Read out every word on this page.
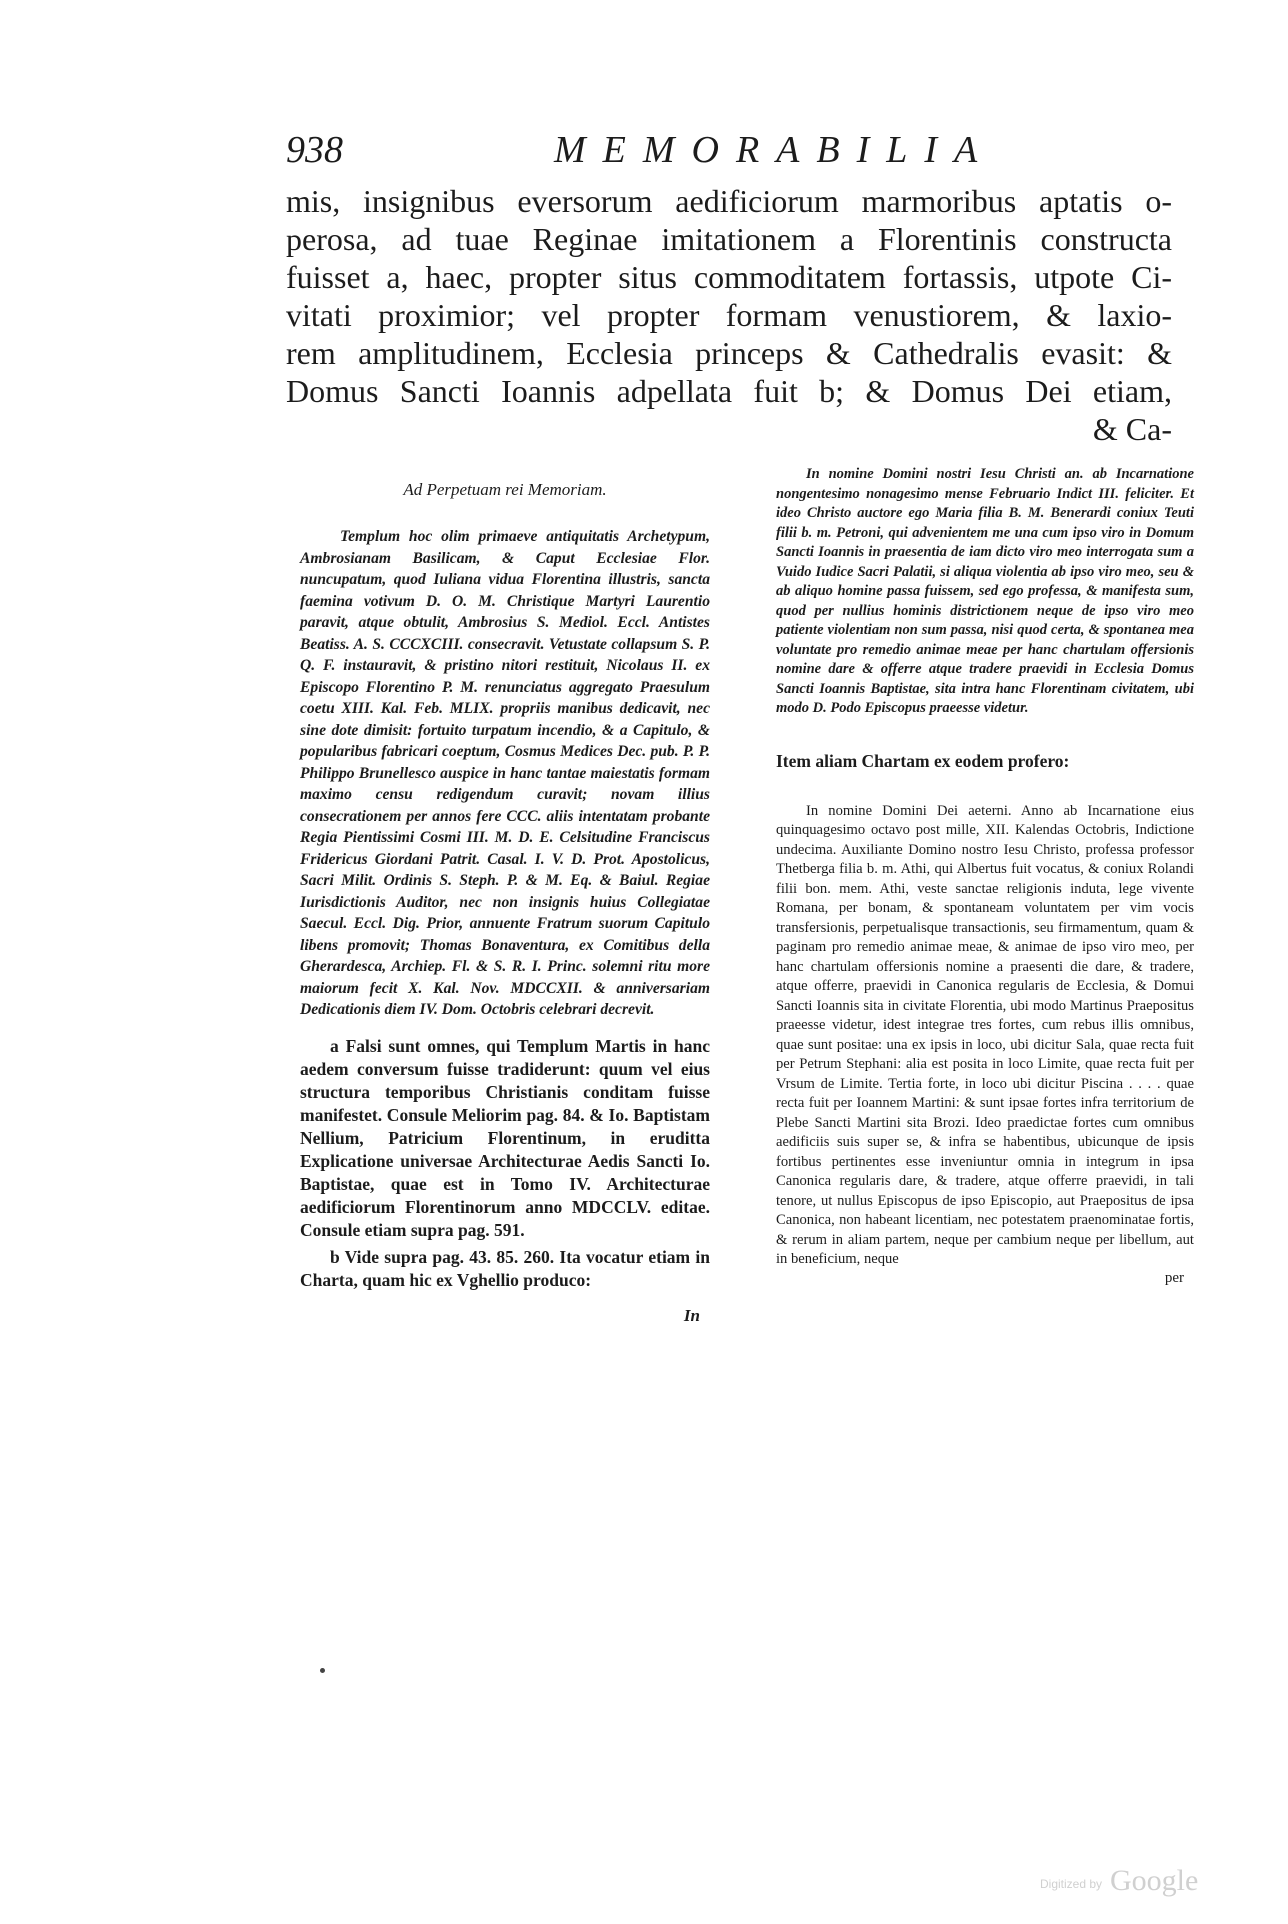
938	MEMORABILIA
mis, insignibus eversorum aedificiorum marmoribus aptatis o-
perosa, ad tuae Reginae imitationem a Florentinis constructa
fuisset a, haec, propter situs commoditatem fortassis, utpote Ci-
vitati proximior; vel propter formam venustiorem, & laxio-
rem amplitudinem, Ecclesia princeps & Cathedralis evasit: &
Domus Sancti Ioannis adpellata fuit b; & Domus Dei etiam,
& Ca-

Ad Perpetuam rei Memoriam.

Templum hoc olim primaeve antiquitatis Archetypum, Ambrosianam Basilicam, & Caput Ecclesiae Flor. nuncupatum, quod Iuliana vidua Florentina illustris, sancta faemina votivum D. O. M. Christique Martyri Laurentio paravit, atque obtulit, Ambrosius S. Mediol. Eccl. Antistes Beatiss. A. S. CCCXCIII. consecravit. Vetustate collapsum S. P. Q. F. instauravit, & pristino nitori restituit, Nicolaus II. ex Episcopo Florentino P. M. renunciatus aggregato Praesulum coetu XIII. Kal. Feb. MLIX. propriis manibus dedicavit, nec sine dote dimisit: fortuito turpatum incendio, & a Capitulo, & popularibus fabricari coeptum, Cosmus Medices Dec. pub. P. P. Philippo Brunellesco auspice in hanc tantae maiestatis formam maximo censu redigendum curavit; novam illius consecrationem per annos fere CCC. aliis intentatam probante Regia Pientissimi Cosmi III. M. D. E. Celsitudine Franciscus Fridericus Giordani Patrit. Casal. I. V. D. Prot. Apostolicus, Sacri Milit. Ordinis S. Steph. P. & M. Eq. & Baiul. Regiae Iurisdictionis Auditor, nec non insignis huius Collegiatae Saecul. Eccl. Dig. Prior, annuente Fratrum suorum Capitulo libens promovit; Thomas Bonaventura, ex Comitibus della Gherardesca, Archiep. Fl. & S. R. I. Princ. solemni ritu more maiorum fecit X. Kal. Nov. MDCCXII. & anniversariam Dedicationis diem IV. Dom. Octobris celebrari decrevit.

a Falsi sunt omnes, qui Templum Martis in hanc aedem conversum fuisse tradiderunt: quum vel eius structura temporibus Christianis conditam fuisse manifestet. Consule Meliorim pag. 84. & Io. Baptistam Nellium, Patricium Florentinum, in eruditta Explicatione universae Architecturae Aedis Sancti Io. Baptistae, quae est in Tomo IV. Architecturae aedificiorum Florentinorum anno MDCCLV. editae. Consule etiam supra pag. 591.

b Vide supra pag. 43. 85. 260. Ita vocatur etiam in Charta, quam hic ex Vghellio produco:

In

In nomine Domini nostri Iesu Christi an. ab Incarnatione nongentesimo nonagesimo mense Februario Indict III. feliciter. Et ideo Christo auctore ego Maria filia B. M. Benerardi coniux Teuti filii b. m. Petroni, qui advenientem me una cum ipso viro in Domum Sancti Ioannis in praesentia de iam dicto viro meo interrogata sum a Vuido Iudice Sacri Palatii, si aliqua violentia ab ipso viro meo, seu & ab aliquo homine passa fuissem, sed ego professa, & manifesta sum, quod per nullius hominis districtionem neque de ipso viro meo patiente violentiam non sum passa, nisi quod certa, & spontanea mea voluntate pro remedio animae meae per hanc chartulam offersionis nomine dare & offerre atque tradere praevidi in Ecclesia Domus Sancti Ioannis Baptistae, sita intra hanc Florentinam civitatem, ubi modo D. Podo Episcopus praeesse videtur.

Item aliam Chartam ex eodem profero:

In nomine Domini Dei aeterni. Anno ab Incarnatione eius quinquagesimo octavo post mille, XII. Kalendas Octobris, Indictione undecima. Auxiliante Domino nostro Iesu Christo, professa professor Thetberga filia b. m. Athi, qui Albertus fuit vocatus, & coniux Rolandi filii bon. mem. Athi, veste sanctae religionis induta, lege vivente Romana, per bonam, & spontaneam voluntatem per vim vocis transfersionis, perpetualisque transactionis, seu firmamentum, quam & paginam pro remedio animae meae, & animae de ipso viro meo, per hanc chartulam offersionis nomine a praesenti die dare, & tradere, atque offerre, praevidi in Canonica regularis de Ecclesia, & Domui Sancti Ioannis sita in civitate Florentia, ubi modo Martinus Praepositus praeesse videtur, idest integrae tres fortes, cum rebus illis omnibus, quae sunt positae: una ex ipsis in loco, ubi dicitur Sala, quae recta fuit per Petrum Stephani: alia est posita in loco Limite, quae recta fuit per Vrsum de Limite. Tertia forte, in loco ubi dicitur Piscina . . . . quae recta fuit per Ioannem Martini: & sunt ipsae fortes infra territorium de Plebe Sancti Martini sita Brozi. Ideo praedictae fortes cum omnibus aedificiis suis super se, & infra se habentibus, ubicunque de ipsis fortibus pertinentes esse inveniuntur omnia in integrum in ipsa Canonica regularis dare, & tradere, atque offerre praevidi, in tali tenore, ut nullus Episcopus de ipso Episcopio, aut Praepositus de ipsa Canonica, non habeant licentiam, nec potestatem praenominatae fortis, & rerum in aliam partem, neque per cambium neque per libellum, aut in beneficium, neque

per

Digitized by Google
